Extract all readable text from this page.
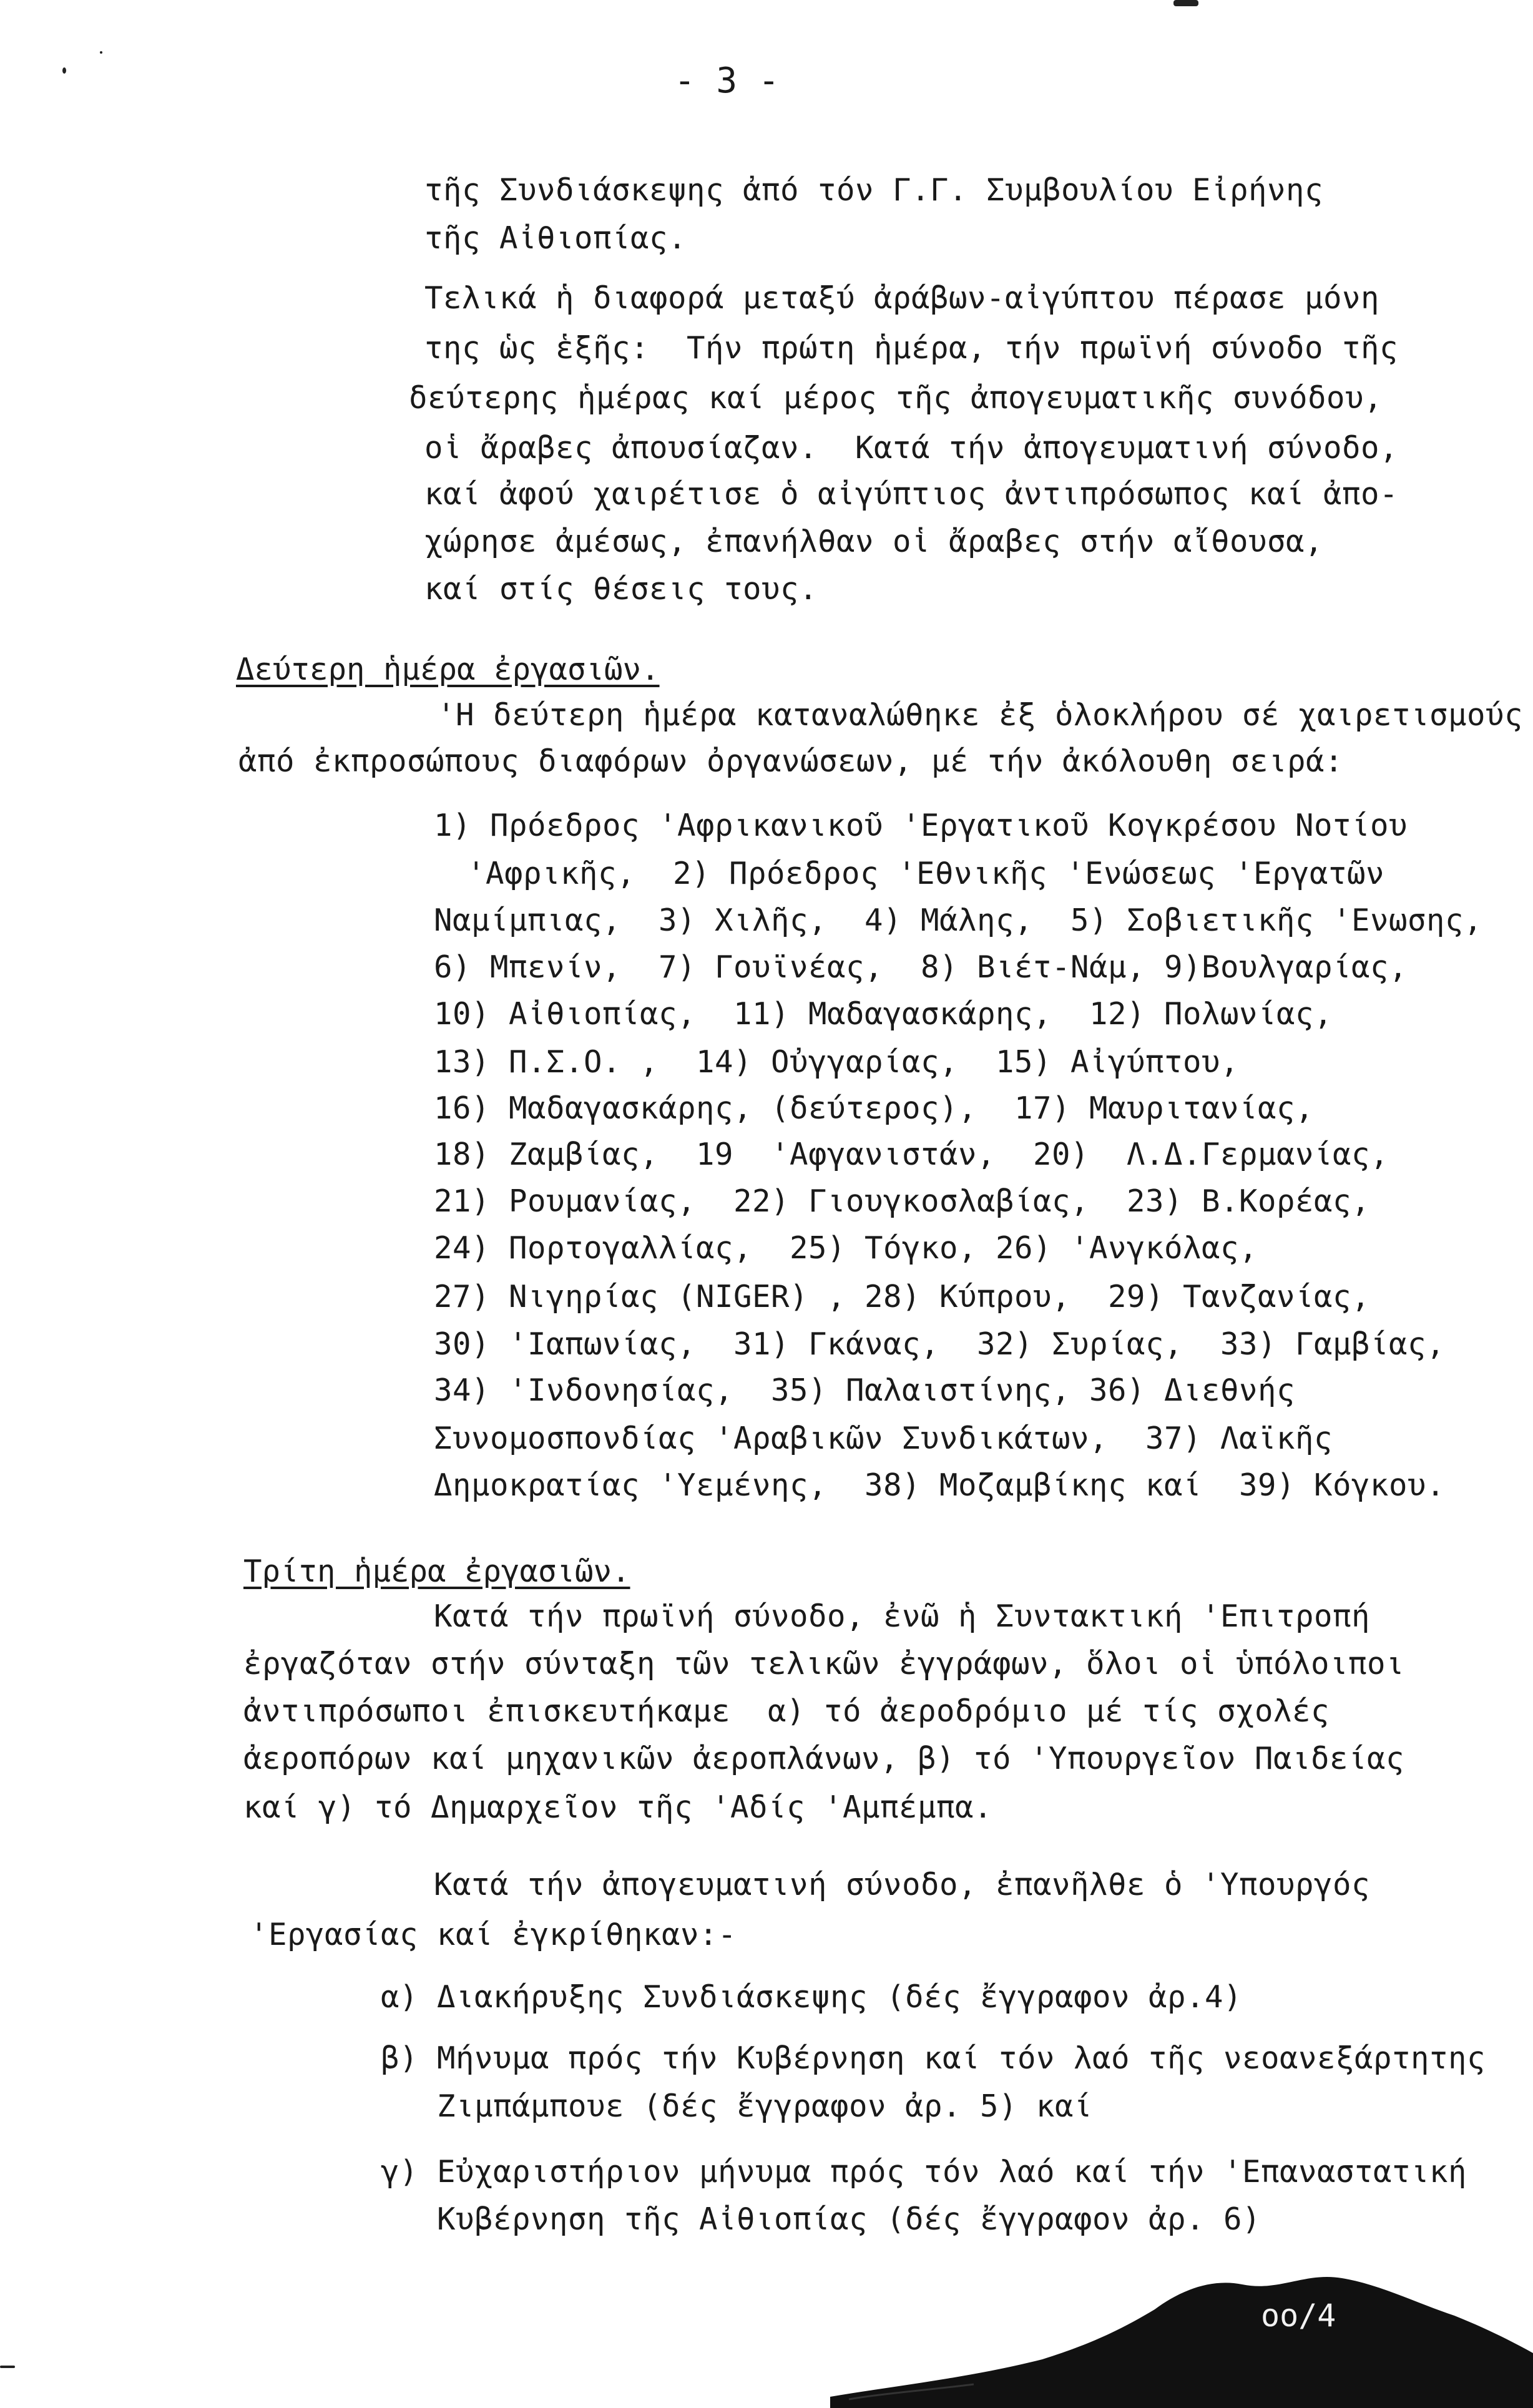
- 3 -
τῆς Συνδιάσκεψης ἀπό τόν Γ.Γ. Συμβουλίου Εἰρήνης
τῆς Αἰθιοπίας.
Τελικά ἡ διαφορά μεταξύ ἀράβων-αἰγύπτου πέρασε μόνη
της ὡς ἑξῆς:  Τήν πρώτη ἡμέρα, τήν πρωϊνή σύνοδο τῆς
δεύτερης ἡμέρας καί μέρος τῆς ἀπογευματικῆς συνόδου,
οἱ ἄραβες ἀπουσίαζαν.  Κατά τήν ἀπογευματινή σύνοδο,
καί ἀφού χαιρέτισε ὁ αἰγύπτιος ἀντιπρόσωπος καί ἀπο-
χώρησε ἀμέσως, ἐπανήλθαν οἱ ἄραβες στήν αἴθουσα,
καί στίς θέσεις τους.
Δεύτερη ἡμέρα ἐργασιῶν.
'Η δεύτερη ἡμέρα καταναλώθηκε ἐξ ὁλοκλήρου σέ χαιρετισμούς
ἀπό ἐκπροσώπους διαφόρων ὀργανώσεων, μέ τήν ἀκόλουθη σειρά:
1) Πρόεδρος 'Αφρικανικοῦ 'Εργατικοῦ Κογκρέσου Νοτίου
'Αφρικῆς,  2) Πρόεδρος 'Εθνικῆς 'Ενώσεως 'Εργατῶν
Ναμίμπιας,  3) Χιλῆς,  4) Μάλης,  5) Σοβιετικῆς 'Ενωσης,
6) Μπενίν,  7) Γουϊνέας,  8) Βιέτ-Νάμ, 9)Βουλγαρίας,
10) Αἰθιοπίας,  11) Μαδαγασκάρης,  12) Πολωνίας,
13) Π.Σ.Ο. ,  14) Οὐγγαρίας,  15) Αἰγύπτου,
16) Μαδαγασκάρης, (δεύτερος),  17) Μαυριτανίας,
18) Ζαμβίας,  19  'Αφγανιστάν,  20)  Λ.Δ.Γερμανίας,
21) Ρουμανίας,  22) Γιουγκοσλαβίας,  23) Β.Κορέας,
24) Πορτογαλλίας,  25) Τόγκο, 26) 'Ανγκόλας,
27) Νιγηρίας (NIGER) , 28) Κύπρου,  29) Τανζανίας,
30) 'Ιαπωνίας,  31) Γκάνας,  32) Συρίας,  33) Γαμβίας,
34) 'Ινδονησίας,  35) Παλαιστίνης, 36) Διεθνής
Συνομοσπονδίας 'Αραβικῶν Συνδικάτων,  37) Λαϊκῆς
Δημοκρατίας 'Υεμένης,  38) Μοζαμβίκης καί  39) Κόγκου.
Τρίτη ἡμέρα ἐργασιῶν.
Κατά τήν πρωϊνή σύνοδο, ἐνῶ ἡ Συντακτική 'Επιτροπή
ἐργαζόταν στήν σύνταξη τῶν τελικῶν ἐγγράφων, ὅλοι οἱ ὑπόλοιποι
ἀντιπρόσωποι ἐπισκευτήκαμε  α) τό ἀεροδρόμιο μέ τίς σχολές
ἀεροπόρων καί μηχανικῶν ἀεροπλάνων, β) τό 'Υπουργεῖον Παιδείας
καί γ) τό Δημαρχεῖον τῆς 'Αδίς 'Αμπέμπα.
Κατά τήν ἀπογευματινή σύνοδο, ἐπανῆλθε ὁ 'Υπουργός
'Εργασίας καί ἐγκρίθηκαν:-
α) Διακήρυξης Συνδιάσκεψης (δές ἔγγραφον ἀρ.4)
β) Μήνυμα πρός τήν Κυβέρνηση καί τόν λαό τῆς νεοανεξάρτητης
Ζιμπάμπουε (δές ἔγγραφον ἀρ. 5) καί
γ) Εὐχαριστήριον μήνυμα πρός τόν λαό καί τήν 'Επαναστατική
Κυβέρνηση τῆς Αἰθιοπίας (δές ἔγγραφον ἀρ. 6)
oo/4
